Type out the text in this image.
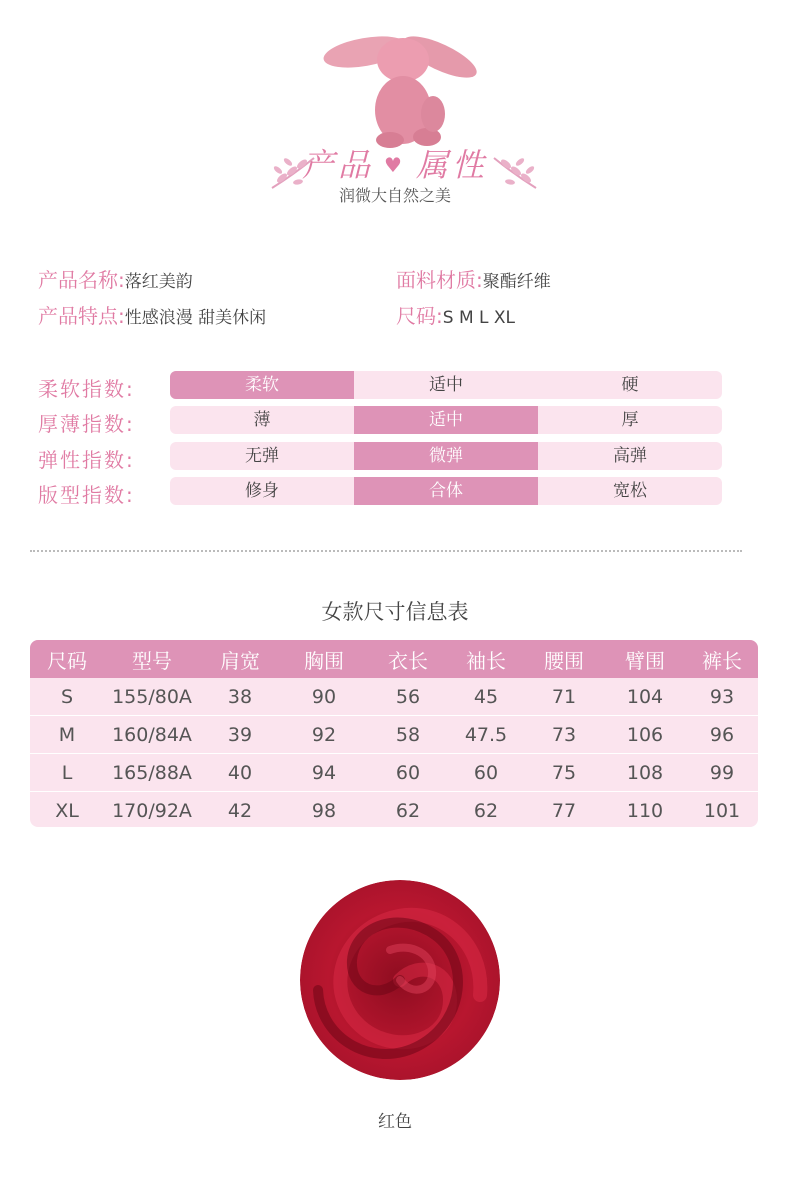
产品 ♥ 属性
润微大自然之美
产品名称:落红美韵	面料材质:聚酯纤维
产品特点:性感浪漫 甜美休闲	尺码:S M L XL
柔软指数:	柔软	适中	硬
厚薄指数:	薄	适中	厚
弹性指数:	无弹	微弹	高弹
版型指数:	修身	合体	宽松
女款尺寸信息表
尺码	型号	肩宽	胸围	衣长	袖长	腰围	臂围	裤长
S	155/80A	38	90	56	45	71	104	93
M	160/84A	39	92	58	47.5	73	106	96
L	165/88A	40	94	60	60	75	108	99
XL	170/92A	42	98	62	62	77	110	101
红色
